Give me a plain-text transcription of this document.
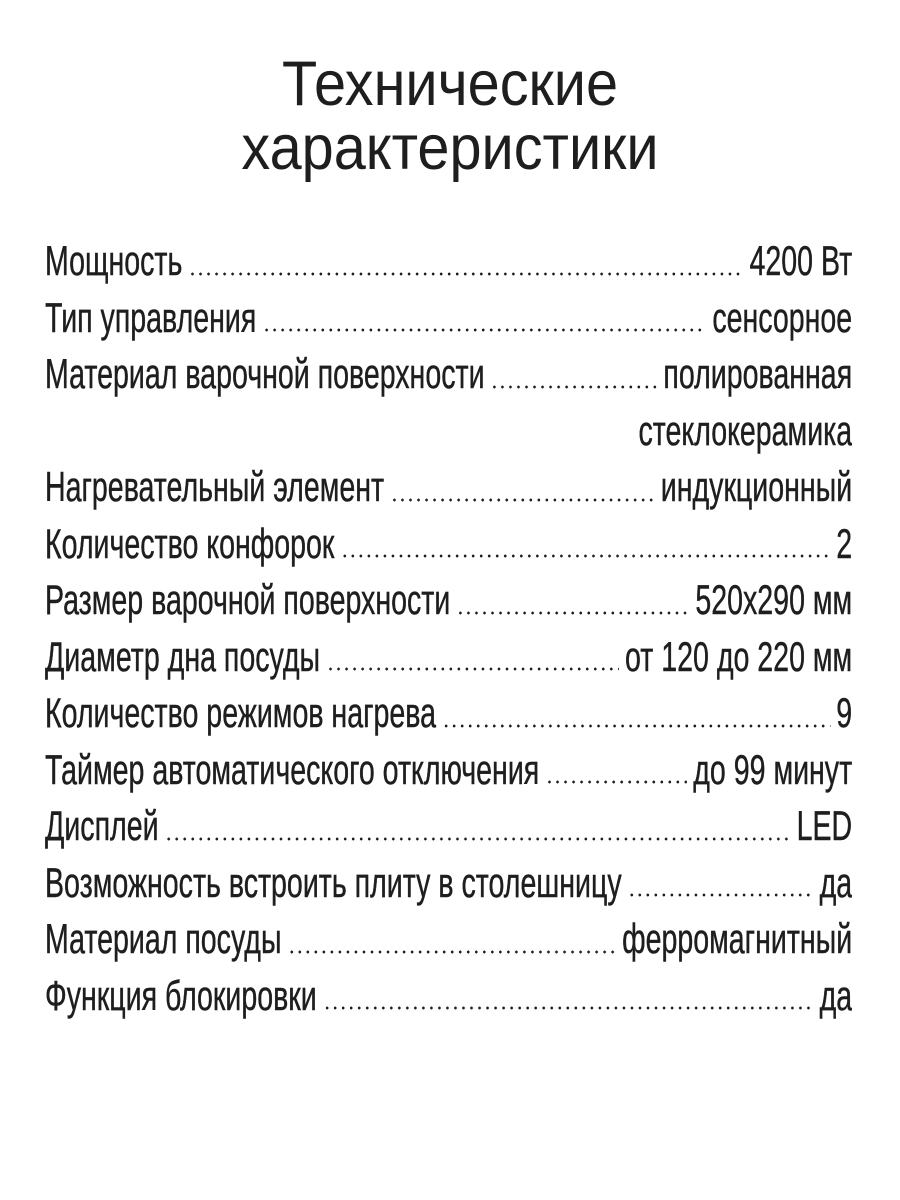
Технические
характеристики
Мощность	4200 Вт
Тип управления	сенсорное
Материал варочной поверхности	полированная
стеклокерамика
Нагревательный элемент	индукционный
Количество конфорок	2
Размер варочной поверхности	520x290 мм
Диаметр дна посуды	от 120 до 220 мм
Количество режимов нагрева	9
Таймер автоматического отключения	до 99 минут
Дисплей	LED
Возможность встроить плиту в столешницу	да
Материал посуды	ферромагнитный
Функция блокировки	да
